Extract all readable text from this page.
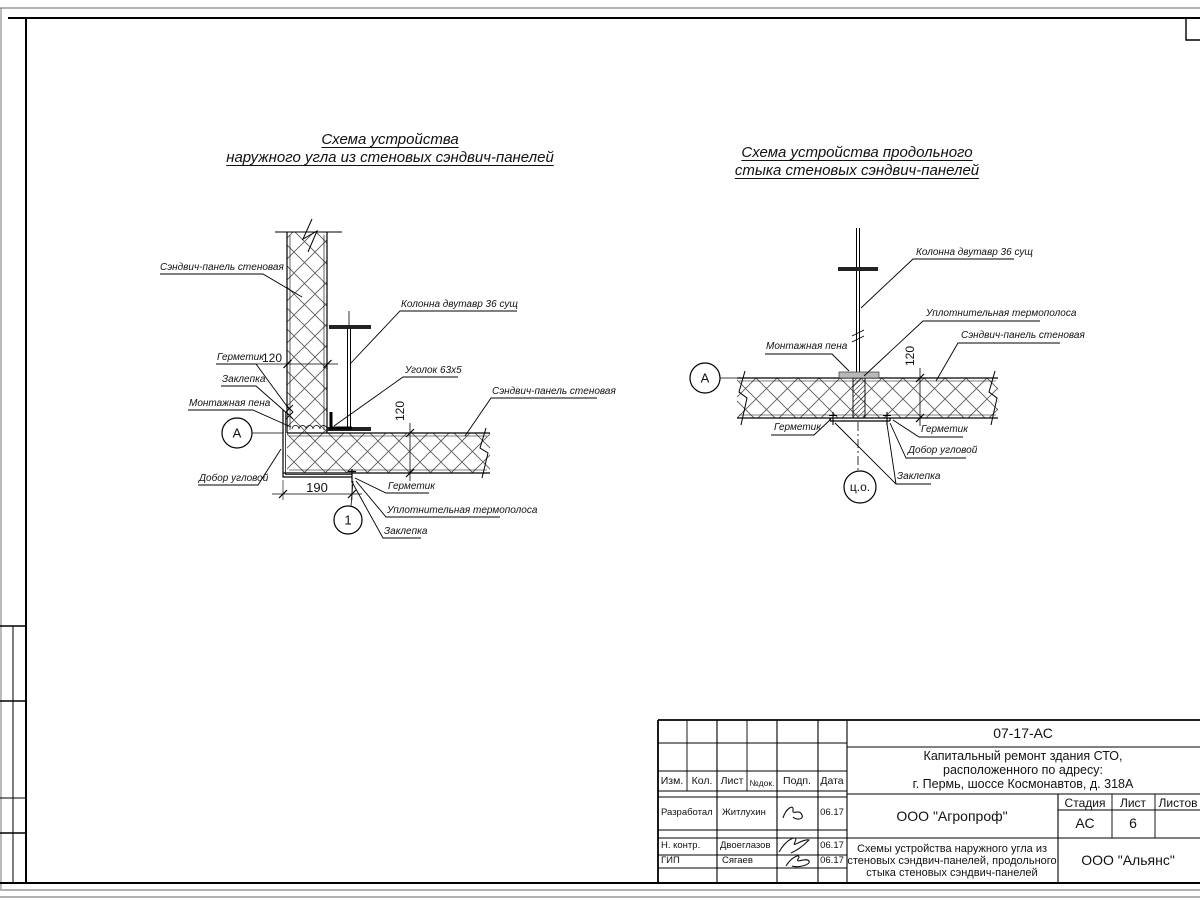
Схема устройства
наружного угла из стеновых сэндвич-панелей	Схема устройства продольного
стыка стеновых сэндвич-панелей
Сэндвич-панель стеновая
Колонна двутавр 36 сущ
Герметик
Заклепка
Монтажная пена
Уголок 63х5
Сэндвич-панель стеновая
Добор угловой
Герметик
Уплотнительная термополоса
Заклепка
120
190
120
А
1
Колонна двутавр 36 сущ
Уплотнительная термополоса
Сэндвич-панель стеновая
Монтажная пена
Герметик	Герметик
Добор угловой
Заклепка
120
А
ц.о.
07-17-АС
Капитальный ремонт здания СТО,
расположенного по адресу:
г. Пермь, шоссе Космонавтов, д. 318А
Изм. Кол. Лист №док. Подп. Дата
Разработал Житлухин	06.17
Н. контр. Двоеглазов	06.17
ГИП	Сягаев	06.17
ООО "Агропроф"
Стадия Лист Листов
АС 6
Схемы устройства наружного угла из
стеновых сэндвич-панелей, продольного
стыка стеновых сэндвич-панелей
ООО "Альянс"
